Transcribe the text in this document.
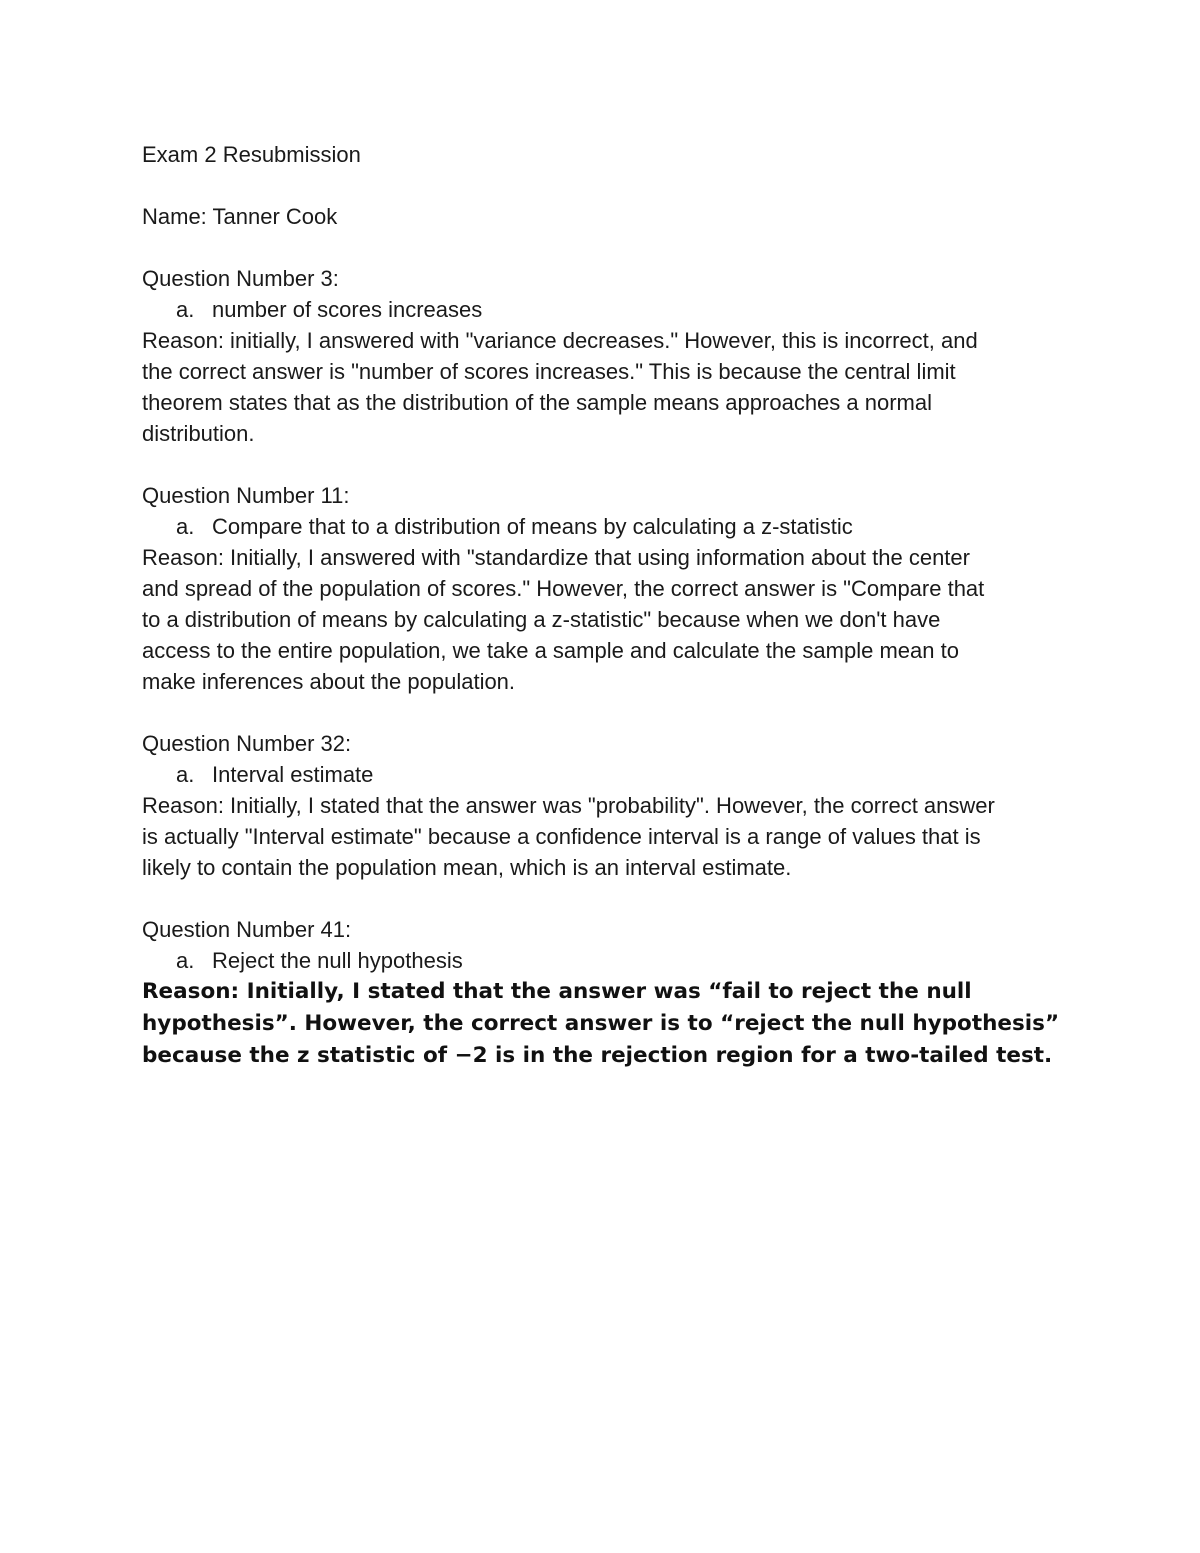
Exam 2 Resubmission
Name: Tanner Cook
Question Number 3:
a. number of scores increases
Reason: initially, I answered with "variance decreases." However, this is incorrect, and
the correct answer is "number of scores increases." This is because the central limit
theorem states that as the distribution of the sample means approaches a normal
distribution.
Question Number 11:
a. Compare that to a distribution of means by calculating a z-statistic
Reason: Initially, I answered with "standardize that using information about the center
and spread of the population of scores." However, the correct answer is "Compare that
to a distribution of means by calculating a z-statistic" because when we don't have
access to the entire population, we take a sample and calculate the sample mean to
make inferences about the population.
Question Number 32:
a. Interval estimate
Reason: Initially, I stated that the answer was "probability". However, the correct answer
is actually "Interval estimate" because a confidence interval is a range of values that is
likely to contain the population mean, which is an interval estimate.
Question Number 41:
a. Reject the null hypothesis
Reason: Initially, I stated that the answer was “fail to reject the null
hypothesis”. However, the correct answer is to “reject the null hypothesis”
because the z statistic of −2 is in the rejection region for a two-tailed test.
